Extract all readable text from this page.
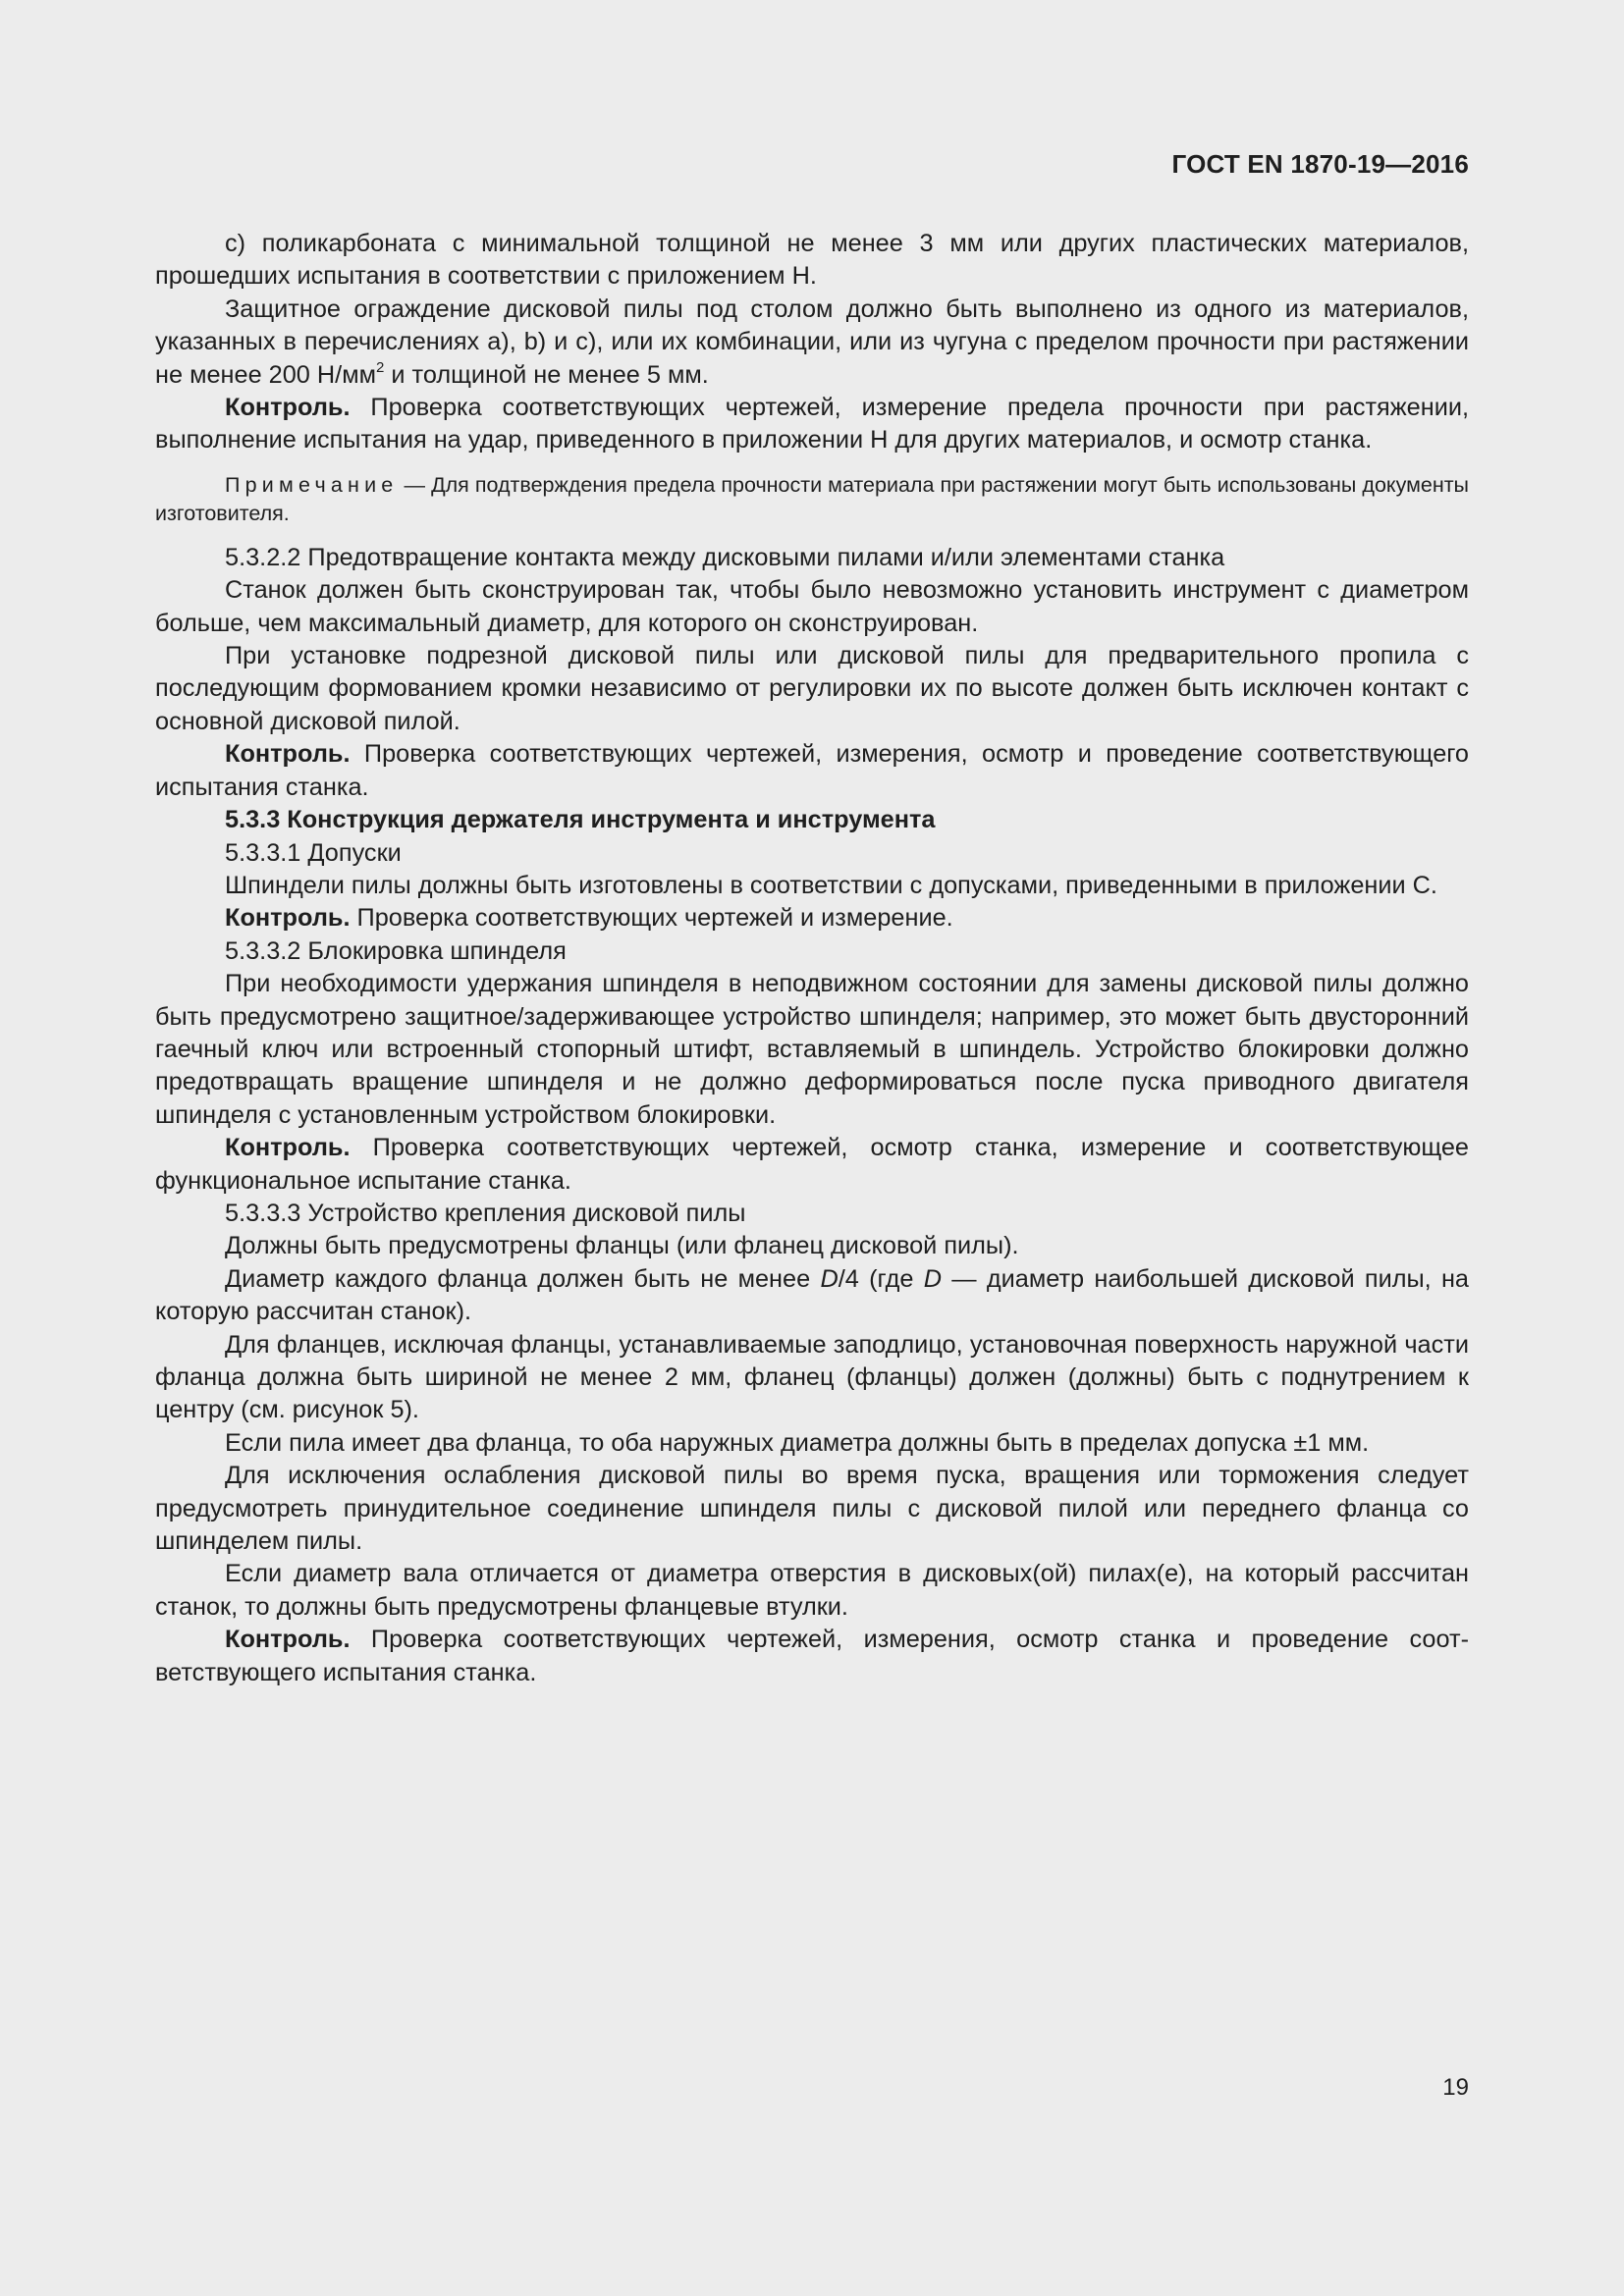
ГОСТ EN 1870-19—2016

с) поликарбоната с минимальной толщиной не менее 3 мм или других пластических материалов, прошедших испытания в соответствии с приложением H.

Защитное ограждение дисковой пилы под столом должно быть выполнено из одного из материалов, указанных в перечислениях а), b) и с), или их комбинации, или из чугуна с пределом прочности при растяжении не менее 200 $Н/мм^2$ и толщиной не менее 5 мм.

Контроль. Проверка соответствующих чертежей, измерение предела прочности при растяжении, выполнение испытания на удар, приведенного в приложении H для других материалов, и осмотр станка.

Примечание — Для подтверждения предела прочности материала при растяжении могут быть использованы документы изготовителя.

5.3.2.2 Предотвращение контакта между дисковыми пилами и/или элементами станка

Станок должен быть сконструирован так, чтобы было невозможно установить инструмент с диаметром больше, чем максимальный диаметр, для которого он сконструирован.

При установке подрезной дисковой пилы или дисковой пилы для предварительного пропила с последующим формованием кромки независимо от регулировки их по высоте должен быть исключен контакт с основной дисковой пилой.

Контроль. Проверка соответствующих чертежей, измерения, осмотр и проведение соответствующего испытания станка.

5.3.3 Конструкция держателя инструмента и инструмента

5.3.3.1 Допуски

Шпиндели пилы должны быть изготовлены в соответствии с допусками, приведенными в приложении С.

Контроль. Проверка соответствующих чертежей и измерение.

5.3.3.2 Блокировка шпинделя

При необходимости удержания шпинделя в неподвижном состоянии для замены дисковой пилы должно быть предусмотрено защитное/задерживающее устройство шпинделя; например, это может быть двусторонний гаечный ключ или встроенный стопорный штифт, вставляемый в шпиндель. Устройство блокировки должно предотвращать вращение шпинделя и не должно деформироваться после пуска приводного двигателя шпинделя с установленным устройством блокировки.

Контроль. Проверка соответствующих чертежей, осмотр станка, измерение и соответствующее функциональное испытание станка.

5.3.3.3 Устройство крепления дисковой пилы

Должны быть предусмотрены фланцы (или фланец дисковой пилы).

Диаметр каждого фланца должен быть не менее D/4 (где D — диаметр наибольшей дисковой пилы, на которую рассчитан станок).

Для фланцев, исключая фланцы, устанавливаемые заподлицо, установочная поверхность наружной части фланца должна быть шириной не менее 2 мм, фланец (фланцы) должен (должны) быть с поднутрением к центру (см. рисунок 5).

Если пила имеет два фланца, то оба наружных диаметра должны быть в пределах допуска ±1 мм.

Для исключения ослабления дисковой пилы во время пуска, вращения или торможения следует предусмотреть принудительное соединение шпинделя пилы с дисковой пилой или переднего фланца со шпинделем пилы.

Если диаметр вала отличается от диаметра отверстия в дисковых(ой) пилах(е), на который рассчитан станок, то должны быть предусмотрены фланцевые втулки.

Контроль. Проверка соответствующих чертежей, измерения, осмотр станка и проведение соответствующего испытания станка.

19
